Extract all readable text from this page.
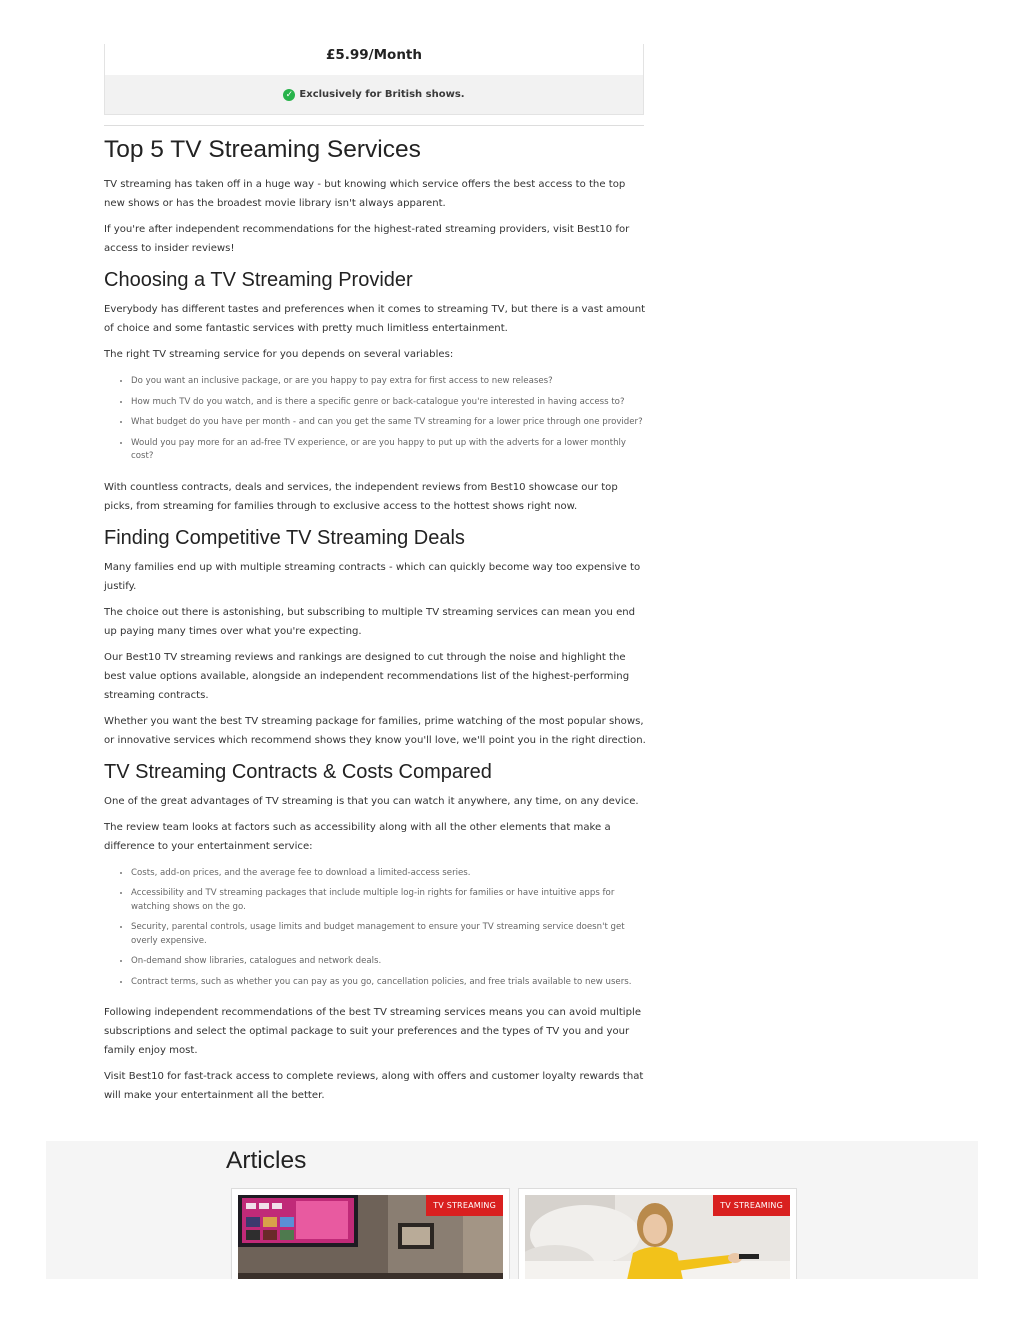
£5.99/Month
✓ Exclusively for British shows.
Top 5 TV Streaming Services

TV streaming has taken off in a huge way - but knowing which service offers the best access to the top new shows or has the broadest movie library isn't always apparent.

If you're after independent recommendations for the highest-rated streaming providers, visit Best10 for access to insider reviews!

Choosing a TV Streaming Provider

Everybody has different tastes and preferences when it comes to streaming TV, but there is a vast amount of choice and some fantastic services with pretty much limitless entertainment.

The right TV streaming service for you depends on several variables:

• Do you want an inclusive package, or are you happy to pay extra for first access to new releases?
• How much TV do you watch, and is there a specific genre or back-catalogue you're interested in having access to?
• What budget do you have per month - and can you get the same TV streaming for a lower price through one provider?
• Would you pay more for an ad-free TV experience, or are you happy to put up with the adverts for a lower monthly cost?

With countless contracts, deals and services, the independent reviews from Best10 showcase our top picks, from streaming for families through to exclusive access to the hottest shows right now.

Finding Competitive TV Streaming Deals

Many families end up with multiple streaming contracts - which can quickly become way too expensive to justify.

The choice out there is astonishing, but subscribing to multiple TV streaming services can mean you end up paying many times over what you're expecting.

Our Best10 TV streaming reviews and rankings are designed to cut through the noise and highlight the best value options available, alongside an independent recommendations list of the highest-performing streaming contracts.

Whether you want the best TV streaming package for families, prime watching of the most popular shows, or innovative services which recommend shows they know you'll love, we'll point you in the right direction.

TV Streaming Contracts & Costs Compared

One of the great advantages of TV streaming is that you can watch it anywhere, any time, on any device.

The review team looks at factors such as accessibility along with all the other elements that make a difference to your entertainment service:

• Costs, add-on prices, and the average fee to download a limited-access series.
• Accessibility and TV streaming packages that include multiple log-in rights for families or have intuitive apps for watching shows on the go.
• Security, parental controls, usage limits and budget management to ensure your TV streaming service doesn't get overly expensive.
• On-demand show libraries, catalogues and network deals.
• Contract terms, such as whether you can pay as you go, cancellation policies, and free trials available to new users.

Following independent recommendations of the best TV streaming services means you can avoid multiple subscriptions and select the optimal package to suit your preferences and the types of TV you and your family enjoy most.

Visit Best10 for fast-track access to complete reviews, along with offers and customer loyalty rewards that will make your entertainment all the better.

Articles
TV STREAMING	TV STREAMING
